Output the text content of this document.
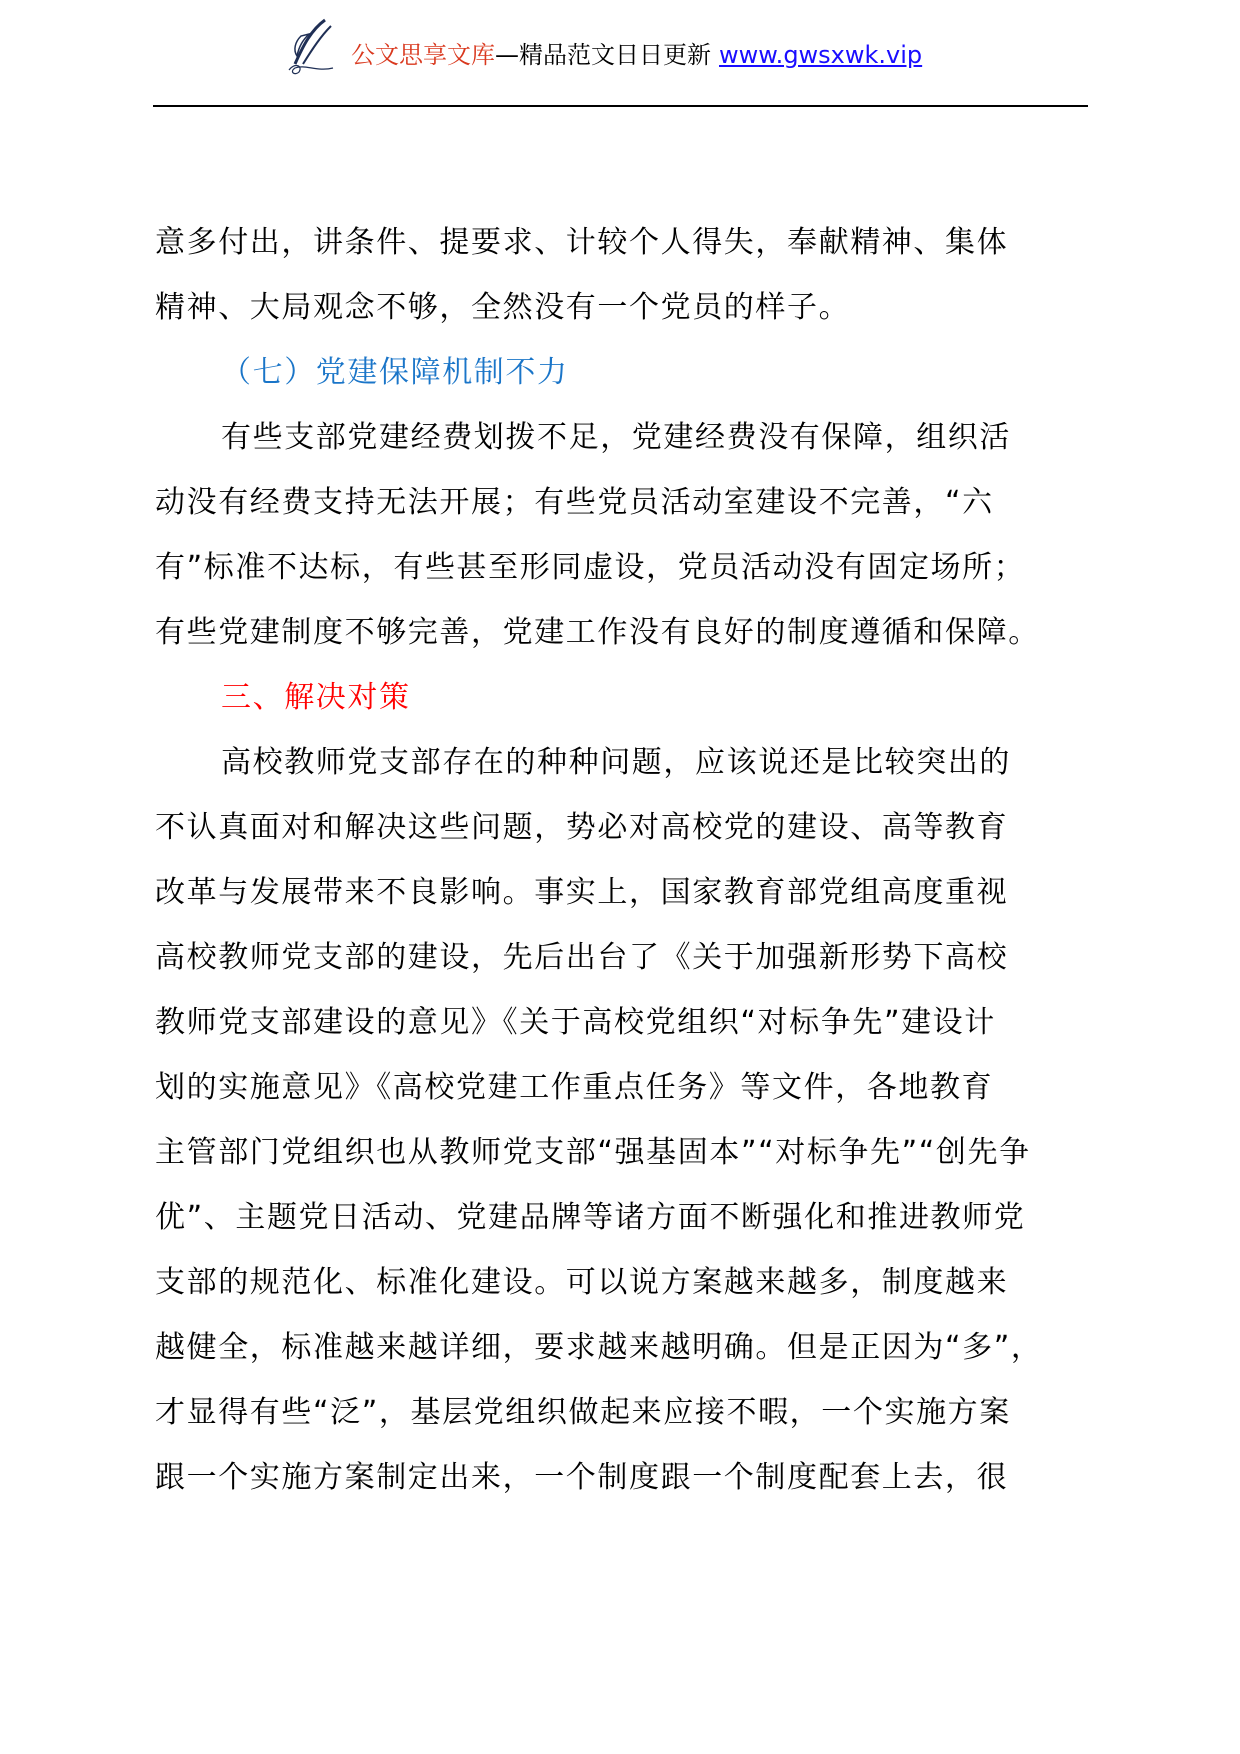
公文思享文库—精品范文日日更新 www.gwsxwk.vip
意多付出，讲条件、提要求、计较个人得失，奉献精神、集体
精神、大局观念不够，全然没有一个党员的样子。
（七）党建保障机制不力
有些支部党建经费划拨不足，党建经费没有保障，组织活
动没有经费支持无法开展；有些党员活动室建设不完善，“六
有”标准不达标，有些甚至形同虚设，党员活动没有固定场所；
有些党建制度不够完善，党建工作没有良好的制度遵循和保障。
三、解决对策
高校教师党支部存在的种种问题，应该说还是比较突出的
不认真面对和解决这些问题，势必对高校党的建设、高等教育
改革与发展带来不良影响。事实上，国家教育部党组高度重视
高校教师党支部的建设，先后出台了《关于加强新形势下高校
教师党支部建设的意见》《关于高校党组织“对标争先”建设计
划的实施意见》《高校党建工作重点任务》等文件，各地教育
主管部门党组织也从教师党支部“强基固本”“对标争先”“创先争
优”、主题党日活动、党建品牌等诸方面不断强化和推进教师党
支部的规范化、标准化建设。可以说方案越来越多，制度越来
越健全，标准越来越详细，要求越来越明确。但是正因为“多”，
才显得有些“泛”，基层党组织做起来应接不暇，一个实施方案
跟一个实施方案制定出来，一个制度跟一个制度配套上去，很
